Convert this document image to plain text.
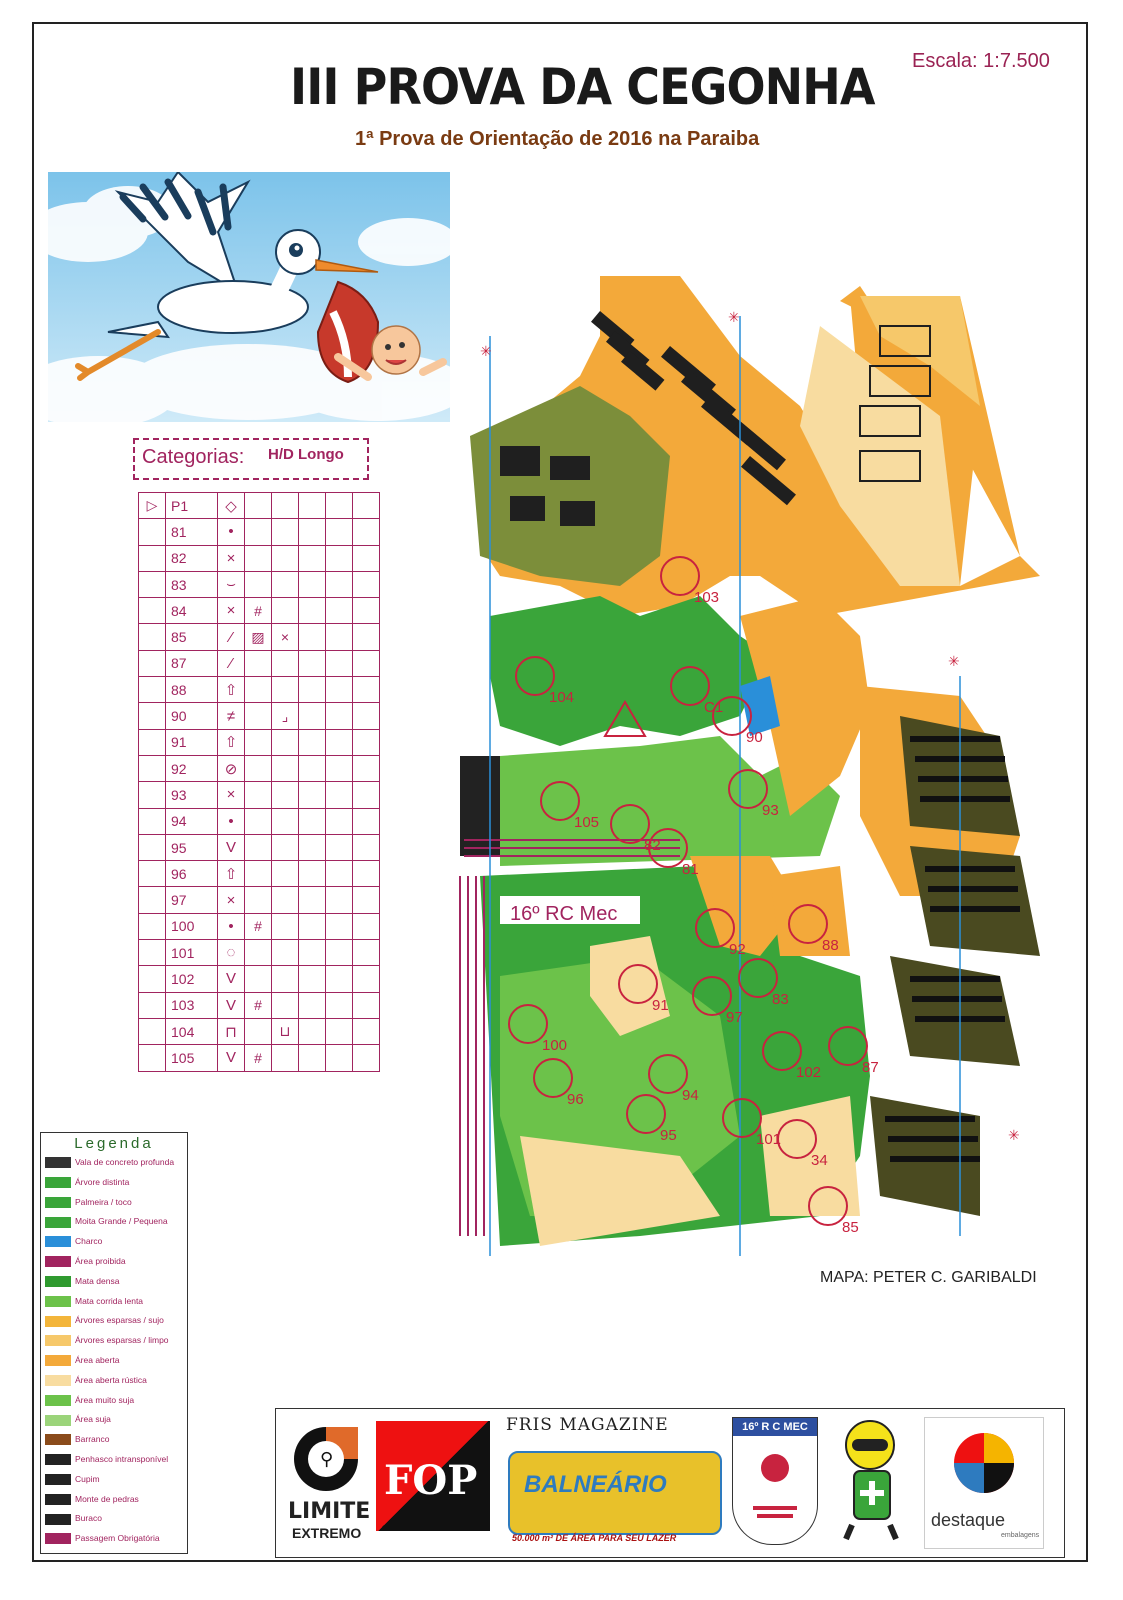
III PROVA DA CEGONHA
1ª Prova de Orientação de 2016 na Paraiba
Escala: 1:7.500
Categorias: H/D Longo
▷	P1	◇					
	81	•					
	82	×					
	83	⌣					
	84	×	#				
	85	⁄	▨	×			
	87	⁄					
	88	⇧					
	90	≠		⌟			
	91	⇧					
	92	⊘					
	93	×					
	94	•					
	95	V					
	96	⇧					
	97	×					
	100	•	#				
	101	◌					
	102	V					
	103	V	#				
	104	⊓		⊔			
	105	V	#				
Legenda
Vala de concreto profunda
Árvore distinta
Palmeira / toco
Moita Grande / Pequena
Charco
Área proibida
Mata densa
Mata corrida lenta
Árvores esparsas / sujo
Árvores esparsas / limpo
Área aberta
Área aberta rústica
Área muito suja
Área suja
Barranco
Penhasco intransponível
Cupim
Monte de pedras
Buraco
Passagem Obrigatória
✳
✳
✳
✳
16º RC Mec
103
104
C1
90
105
93
82
81
88
92
83
91
100
97
87
96	94
102
101
95
34
85
MAPA: PETER C. GARIBALDI
⚲
LIMITE
EXTREMO
FOP
FRIS MAGAZINE
BALNEÁRIO
50.000 m² DE ÁREA PARA SEU LAZER
16º R C MEC
destaque
embalagens
